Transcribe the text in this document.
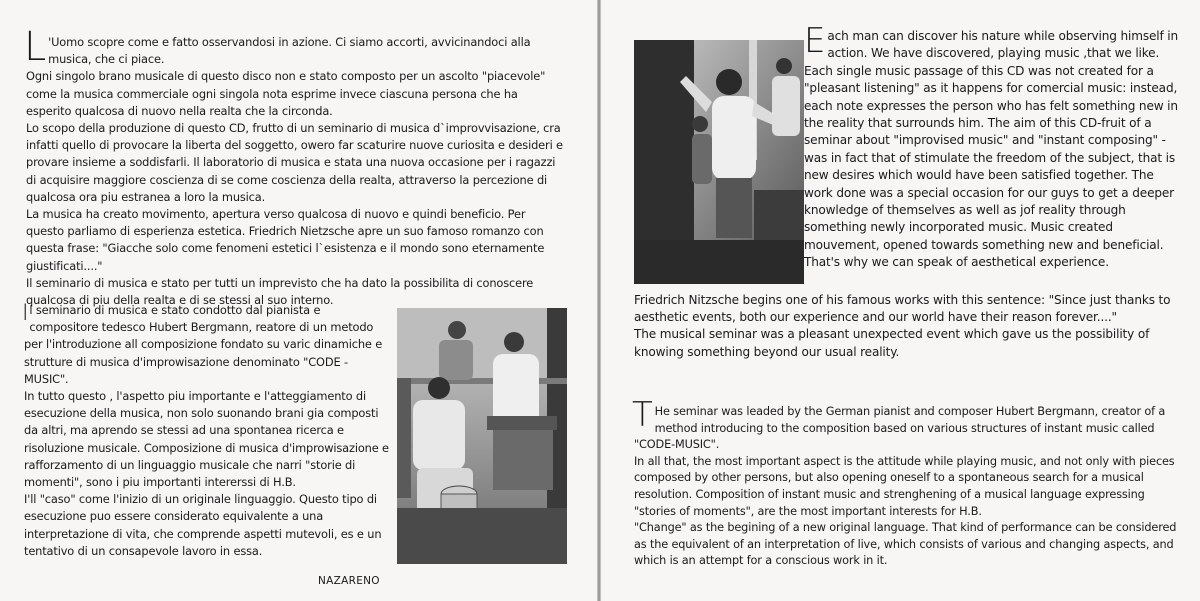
L 'Uomo scopre come e fatto osservandosi in azione. Ci siamo accorti, avvicinandoci alla musica, che ci piace.

Ogni singolo brano musicale di questo disco non e stato composto per un ascolto "piacevole" come la musica commerciale ogni singola nota esprime invece ciascuna persona che ha esperito qualcosa di nuovo nella realta che la circonda.

Lo scopo della produzione di questo CD, frutto di un seminario di musica d`improvvisazione, cra infatti quello di provocare la liberta del soggetto, owero far scaturire nuove curiosita e desideri e provare insieme a soddisfarli. Il laboratorio di musica e stata una nuova occasione per i ragazzi di acquisire maggiore coscienza di se come coscienza della realta, attraverso la percezione di qualcosa ora piu estranea a loro la musica.

La musica ha creato movimento, apertura verso qualcosa di nuovo e quindi beneficio. Per questo parliamo di esperienza estetica. Friedrich Nietzsche apre un suo famoso romanzo con questa frase: "Giacche solo come fenomeni estetici l`esistenza e il mondo sono eternamente giustificati...."

Il seminario di musica e stato per tutti un imprevisto che ha dato la possibilita di conoscere qualcosa di piu della realta e di se stessi al suo interno.

I l seminario di musica e stato condotto dal pianista e compositore tedesco Hubert Bergmann, reatore di un metodo per l'introduzione all composizione fondato su varic dinamiche e strutture di musica d'improwisazione denominato "CODE - MUSIC".

In tutto questo , l'aspetto piu importante e l'atteggiamento di esecuzione della musica, non solo suonando brani gia composti da altri, ma aprendo se stessi ad una spontanea ricerca e risoluzione musicale. Composizione di musica d'improwisazione e rafforzamento di un linguaggio musicale che narri "storie di momenti", sono i piu importanti intererssi di H.B.

I'll "caso" come l'inizio di un originale linguaggio. Questo tipo di esecuzione puo essere considerato equivalente a una interpretazione di vita, che comprende aspetti mutevoli, es e un tentativo di un consapevole lavoro in essa.

NAZARENO
E ach man can discover his nature while observing himself in action. We have discovered, playing music ,that we like.

Each single music passage of this CD was not created for a "pleasant listening" as it happens for comercial music: instead, each note expresses the person who has felt something new in the reality that surrounds him. The aim of this CD-fruit of a seminar about "improvised music" and "instant composing" - was in fact that of stimulate the freedom of the subject, that is new desires which would have been satisfied together. The work done was a special occasion for our guys to get a deeper knowledge of themselves as well as jof reality through something newly incorporated music. Music created mouvement, opened towards something new and beneficial.

That's why we can speak of aesthetical experience.

Friedrich Nitzsche begins one of his famous works with this sentence: "Since just thanks to aesthetic events, both our experience and our world have their reason forever...."

The musical seminar was a pleasant unexpected event which gave us the possibility of knowing something beyond our usual reality.

T He seminar was leaded by the German pianist and composer Hubert Bergmann, creator of a method introducing to the composition based on various structures of instant music called "CODE-MUSIC".

In all that, the most important aspect is the attitude while playing music, and not only with pieces composed by other persons, but also opening oneself to a spontaneous search for a musical resolution. Composition of instant music and strenghening of a musical language expressing "stories of moments", are the most important interests for H.B.

"Change" as the begining of a new original language. That kind of performance can be considered as the equivalent of an interpretation of live, which consists of various and changing aspects, and which is an attempt for a conscious work in it.
